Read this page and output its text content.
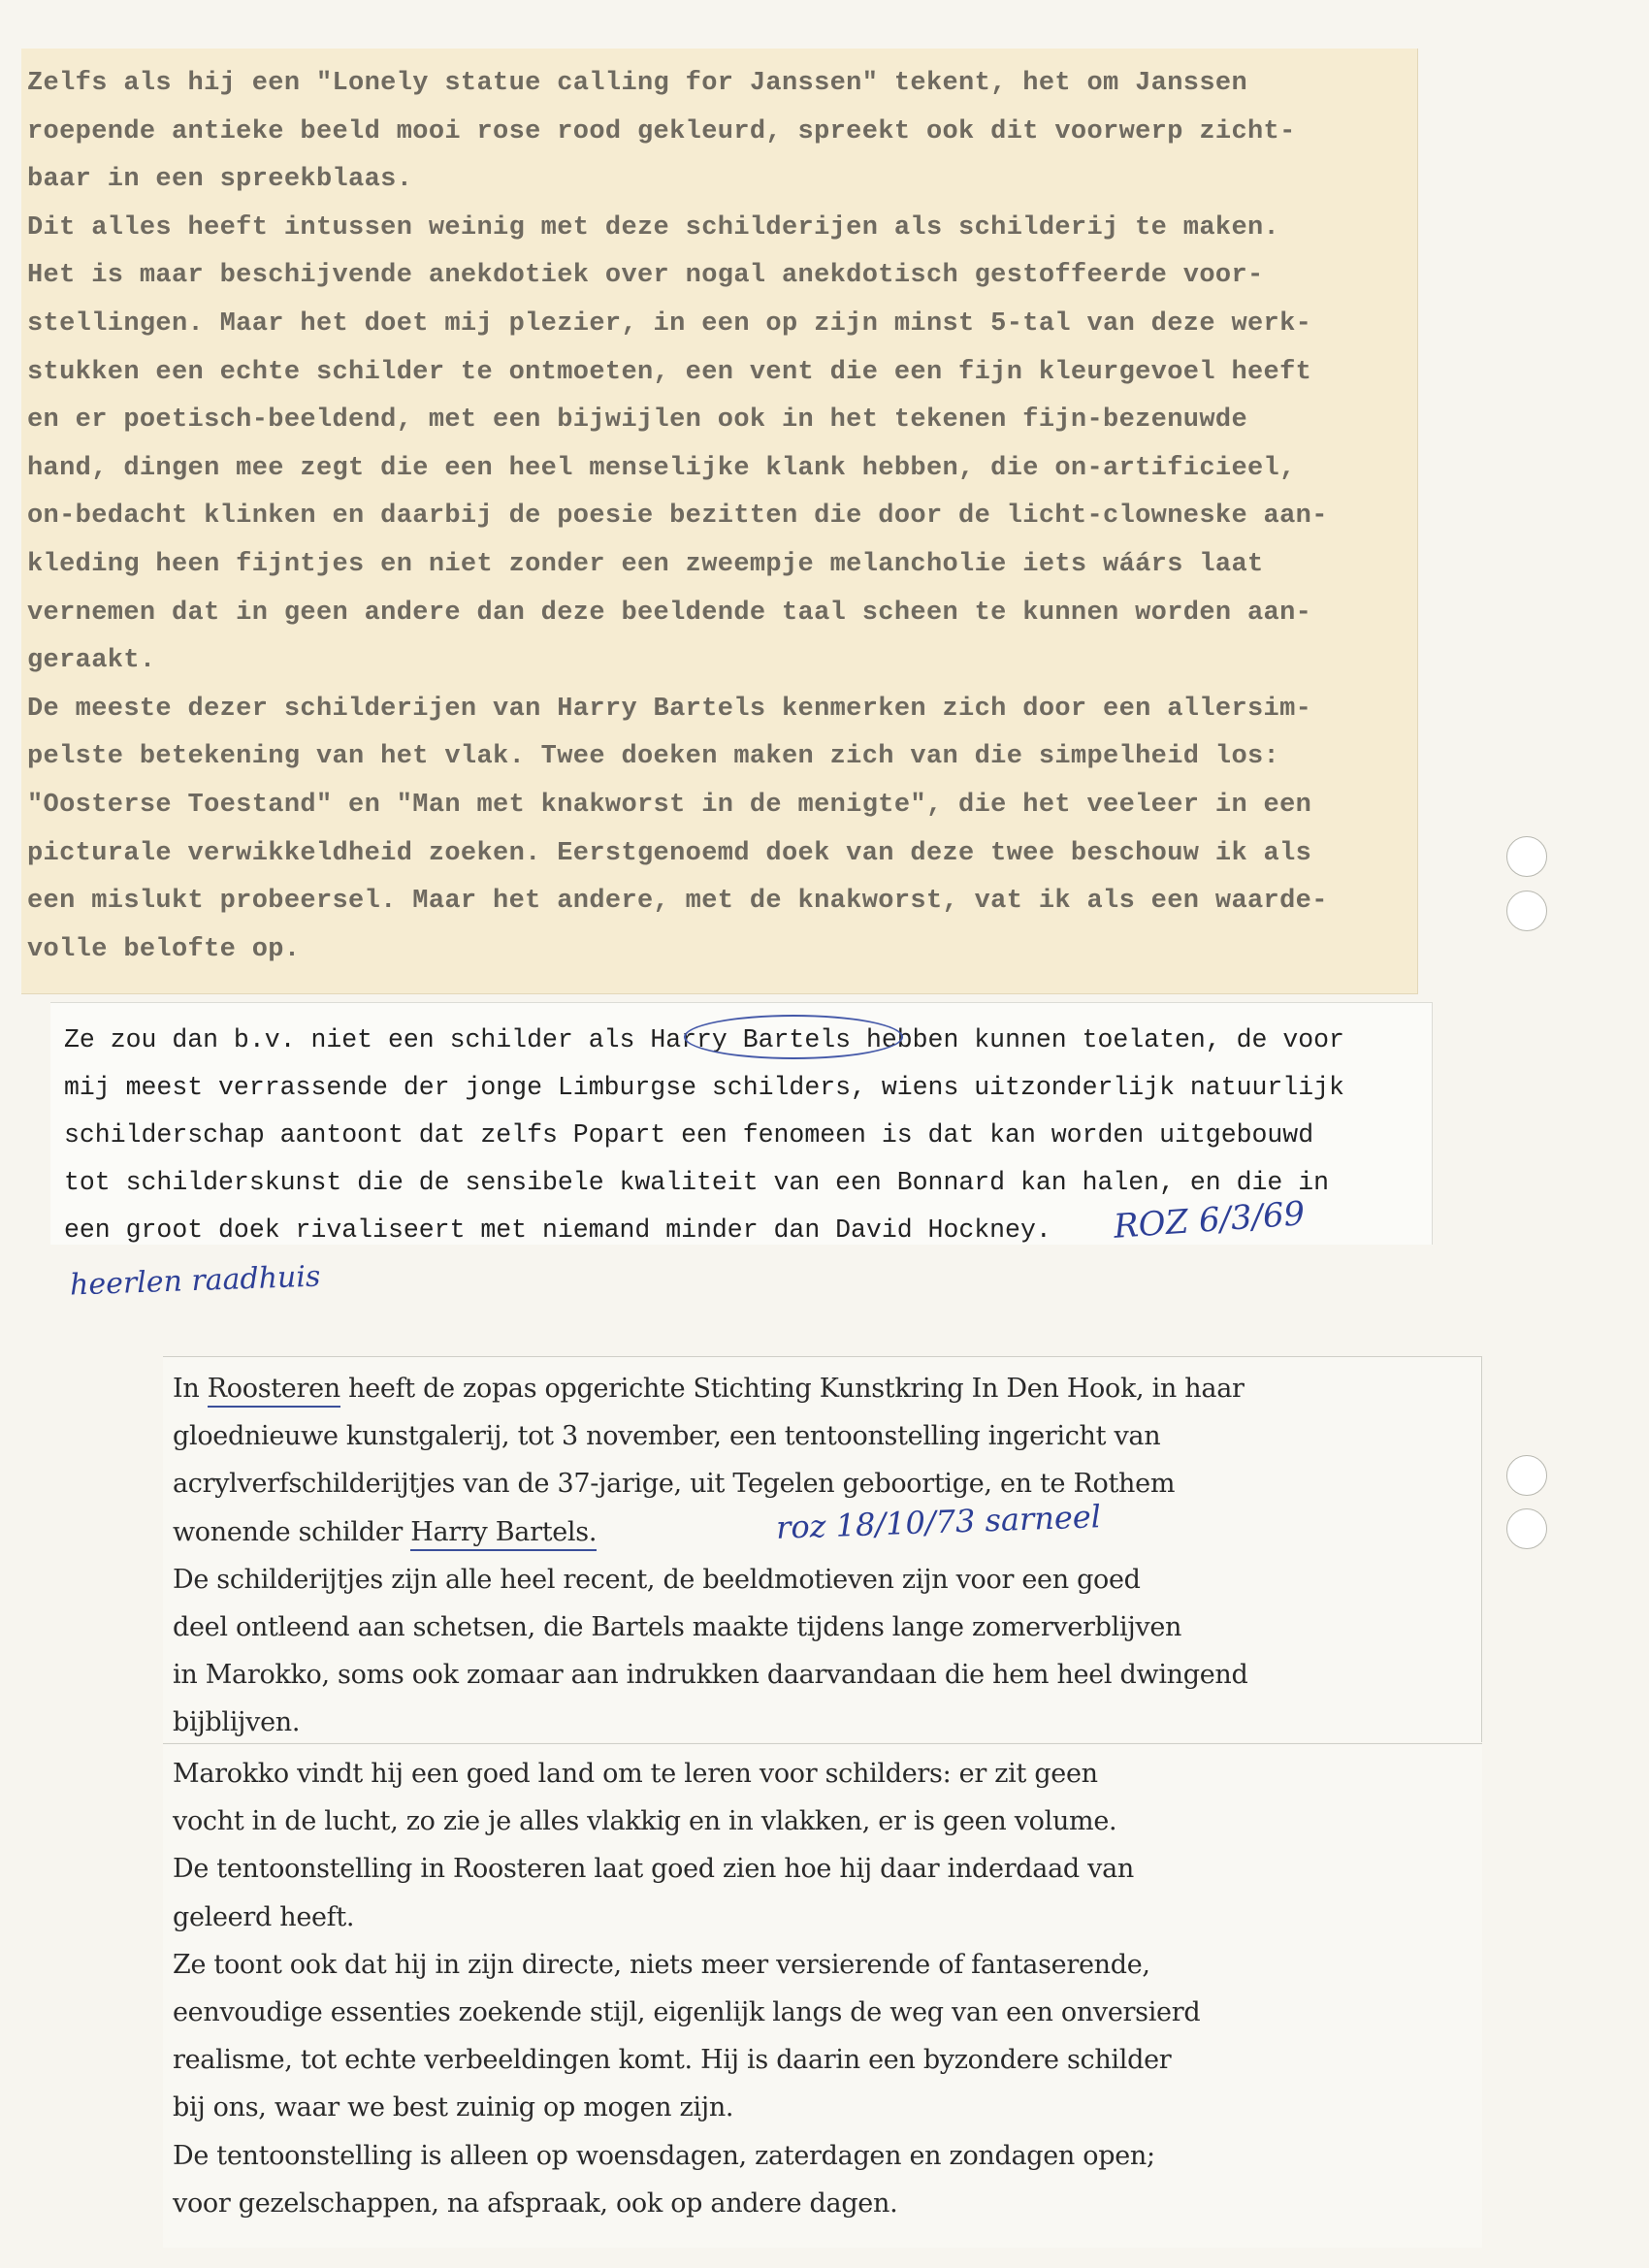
Zelfs als hij een "Lonely statue calling for Janssen" tekent, het om Janssen
roepende antieke beeld mooi rose rood gekleurd, spreekt ook dit voorwerp zicht-
baar in een spreekblaas.
Dit alles heeft intussen weinig met deze schilderijen als schilderij te maken.
Het is maar beschijvende anekdotiek over nogal anekdotisch gestoffeerde voor-
stellingen. Maar het doet mij plezier, in een op zijn minst 5-tal van deze werk-
stukken een echte schilder te ontmoeten, een vent die een fijn kleurgevoel heeft
en er poetisch-beeldend, met een bijwijlen ook in het tekenen fijn-bezenuwde
hand, dingen mee zegt die een heel menselijke klank hebben, die on-artificieel,
on-bedacht klinken en daarbij de poesie bezitten die door de licht-clowneske aan-
kleding heen fijntjes en niet zonder een zweempje melancholie iets wáárs laat
vernemen dat in geen andere dan deze beeldende taal scheen te kunnen worden aan-
geraakt.
De meeste dezer schilderijen van Harry Bartels kenmerken zich door een allersim-
pelste betekening van het vlak. Twee doeken maken zich van die simpelheid los:
"Oosterse Toestand" en "Man met knakworst in de menigte", die het veeleer in een
picturale verwikkeldheid zoeken. Eerstgenoemd doek van deze twee beschouw ik als
een mislukt probeersel. Maar het andere, met de knakworst, vat ik als een waarde-
volle belofte op.
Ze zou dan b.v. niet een schilder als Harry Bartels hebben kunnen toelaten, de voor
mij meest verrassende der jonge Limburgse schilders, wiens uitzonderlijk natuurlijk
schilderschap aantoont dat zelfs Popart een fenomeen is dat kan worden uitgebouwd
tot schilderskunst die de sensibele kwaliteit van een Bonnard kan halen, en die in
een groot doek rivaliseert met niemand minder dan David Hockney.	ROZ 6/3/69
heerlen raadhuis
In Roosteren heeft de zopas opgerichte Stichting Kunstkring In Den Hook, in haar
gloednieuwe kunstgalerij, tot 3 november, een tentoonstelling ingericht van
acrylverfschilderijtjes van de 37-jarige, uit Tegelen geboortige, en te Rothem
wonende schilder Harry Bartels.
De schilderijtjes zijn alle heel recent, de beeldmotieven zijn voor een goed
deel ontleend aan schetsen, die Bartels maakte tijdens lange zomerverblijven
in Marokko, soms ook zomaar aan indrukken daarvandaan die hem heel dwingend
bijblijven.
roz 18/10/73 sarneel
Marokko vindt hij een goed land om te leren voor schilders: er zit geen
vocht in de lucht, zo zie je alles vlakkig en in vlakken, er is geen volume.
De tentoonstelling in Roosteren laat goed zien hoe hij daar inderdaad van
geleerd heeft.
Ze toont ook dat hij in zijn directe, niets meer versierende of fantaserende,
eenvoudige essenties zoekende stijl, eigenlijk langs de weg van een onversierd
realisme, tot echte verbeeldingen komt. Hij is daarin een byzondere schilder
bij ons, waar we best zuinig op mogen zijn.
De tentoonstelling is alleen op woensdagen, zaterdagen en zondagen open;
voor gezelschappen, na afspraak, ook op andere dagen.
